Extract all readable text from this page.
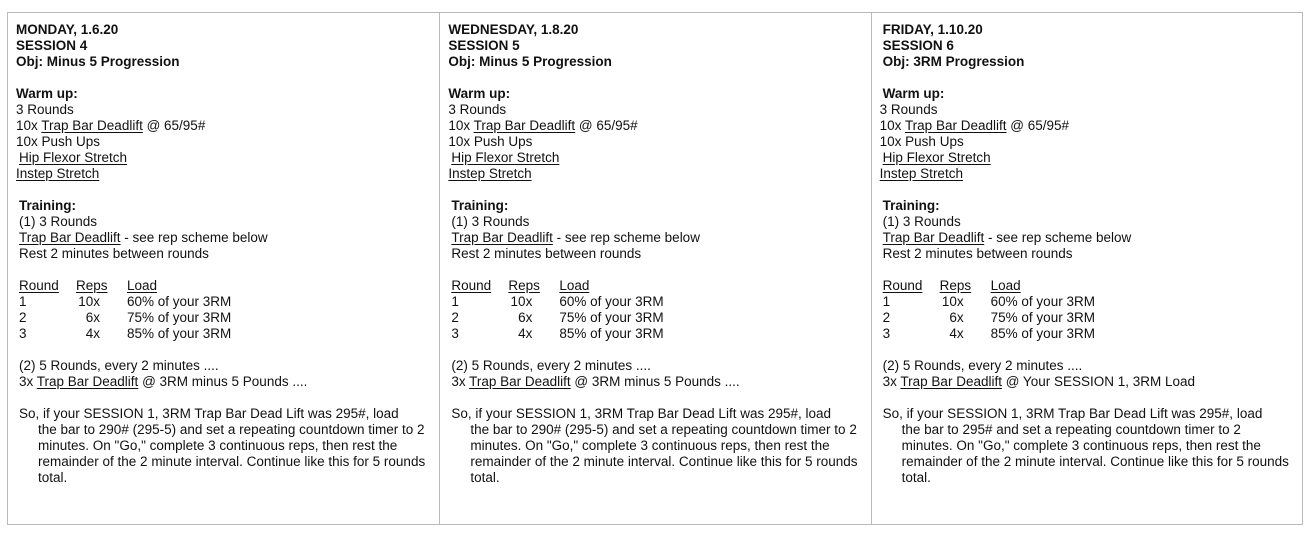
MONDAY, 1.6.20
SESSION 4
Obj: Minus 5 Progression
Warm up:
3 Rounds
10x Trap Bar Deadlift @ 65/95#
10x Push Ups
Hip Flexor Stretch
Instep Stretch
Training:
(1) 3 Rounds
Trap Bar Deadlift - see rep scheme below
Rest 2 minutes between rounds
Round	Reps	Load
1	10x	60% of your 3RM
2	6x	75% of your 3RM
3	4x	85% of your 3RM
(2) 5 Rounds, every 2 minutes ....
3x Trap Bar Deadlift @ 3RM minus 5 Pounds ....
So, if your SESSION 1, 3RM Trap Bar Dead Lift was 295#, load
the bar to 290# (295-5) and set a repeating countdown timer to 2 minutes. On "Go," complete 3 continuous reps, then rest the remainder of the 2 minute interval. Continue like this for 5 rounds total.
WEDNESDAY, 1.8.20
SESSION 5
Obj: Minus 5 Progression
Warm up:
3 Rounds
10x Trap Bar Deadlift @ 65/95#
10x Push Ups
Hip Flexor Stretch
Instep Stretch
Training:
(1) 3 Rounds
Trap Bar Deadlift - see rep scheme below
Rest 2 minutes between rounds
Round	Reps	Load
1	10x	60% of your 3RM
2	6x	75% of your 3RM
3	4x	85% of your 3RM
(2) 5 Rounds, every 2 minutes ....
3x Trap Bar Deadlift @ 3RM minus 5 Pounds ....
So, if your SESSION 1, 3RM Trap Bar Dead Lift was 295#, load
the bar to 290# (295-5) and set a repeating countdown timer to 2 minutes. On "Go," complete 3 continuous reps, then rest the remainder of the 2 minute interval. Continue like this for 5 rounds total.
FRIDAY, 1.10.20
SESSION 6
Obj: 3RM Progression
Warm up:
3 Rounds
10x Trap Bar Deadlift @ 65/95#
10x Push Ups
Hip Flexor Stretch
Instep Stretch
Training:
(1) 3 Rounds
Trap Bar Deadlift - see rep scheme below
Rest 2 minutes between rounds
Round	Reps	Load
1	10x	60% of your 3RM
2	6x	75% of your 3RM
3	4x	85% of your 3RM
(2) 5 Rounds, every 2 minutes ....
3x Trap Bar Deadlift @ Your SESSION 1, 3RM Load
So, if your SESSION 1, 3RM Trap Bar Dead Lift was 295#, load
the bar to 295# and set a repeating countdown timer to 2 minutes. On "Go," complete 3 continuous reps, then rest the remainder of the 2 minute interval. Continue like this for 5 rounds total.
